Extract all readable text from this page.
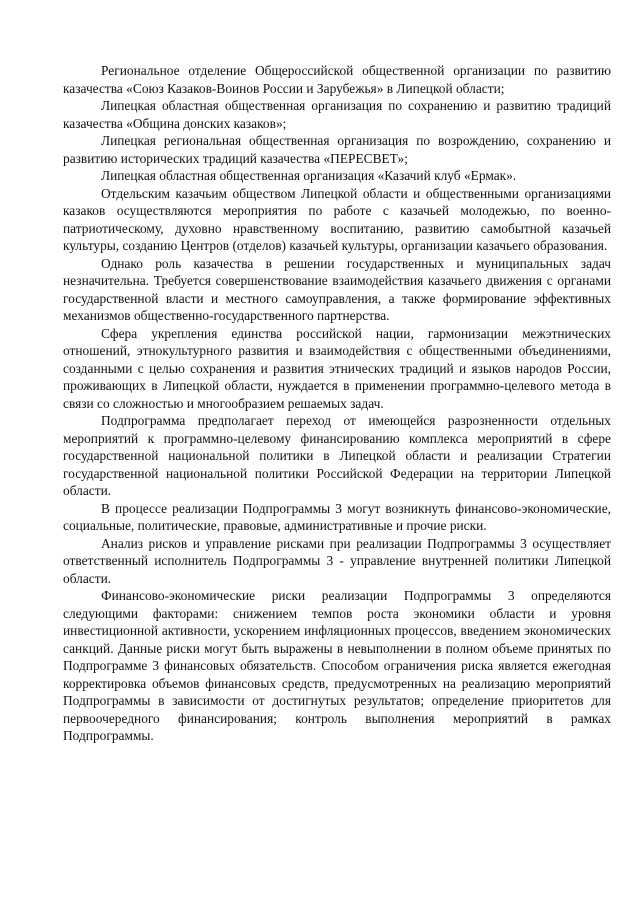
Региональное отделение Общероссийской общественной организации по развитию казачества «Союз Казаков-Воинов России и Зарубежья» в Липецкой области;

Липецкая областная общественная организация по сохранению и развитию традиций казачества «Община донских казаков»;

Липецкая региональная общественная организация по возрождению, сохранению и развитию исторических традиций казачества «ПЕРЕСВЕТ»;

Липецкая областная общественная организация «Казачий клуб «Ермак».

Отдельским казачьим обществом Липецкой области и общественными организациями казаков осуществляются мероприятия по работе с казачьей молодежью, по военно-патриотическому, духовно нравственному воспитанию, развитию самобытной казачьей культуры, созданию Центров (отделов) казачьей культуры, организации казачьего образования.

Однако роль казачества в решении государственных и муниципальных задач незначительна. Требуется совершенствование взаимодействия казачьего движения с органами государственной власти и местного самоуправления, а также формирование эффективных механизмов общественно-государственного партнерства.

Сфера укрепления единства российской нации, гармонизации межэтнических отношений, этнокультурного развития и взаимодействия с общественными объединениями, созданными с целью сохранения и развития этнических традиций и языков народов России, проживающих в Липецкой области, нуждается в применении программно-целевого метода в связи со сложностью и многообразием решаемых задач.

Подпрограмма предполагает переход от имеющейся разрозненности отдельных мероприятий к программно-целевому финансированию комплекса мероприятий в сфере государственной национальной политики в Липецкой области и реализации Стратегии государственной национальной политики Российской Федерации на территории Липецкой области.

В процессе реализации Подпрограммы 3 могут возникнуть финансово-экономические, социальные, политические, правовые, административные и прочие риски.

Анализ рисков и управление рисками при реализации Подпрограммы 3 осуществляет ответственный исполнитель Подпрограммы 3 - управление внутренней политики Липецкой области.

Финансово-экономические риски реализации Подпрограммы 3 определяются следующими факторами: снижением темпов роста экономики области и уровня инвестиционной активности, ускорением инфляционных процессов, введением экономических санкций. Данные риски могут быть выражены в невыполнении в полном объеме принятых по Подпрограмме 3 финансовых обязательств. Способом ограничения риска является ежегодная корректировка объемов финансовых средств, предусмотренных на реализацию мероприятий Подпрограммы в зависимости от достигнутых результатов; определение приоритетов для первоочередного финансирования; контроль выполнения мероприятий в рамках Подпрограммы.
